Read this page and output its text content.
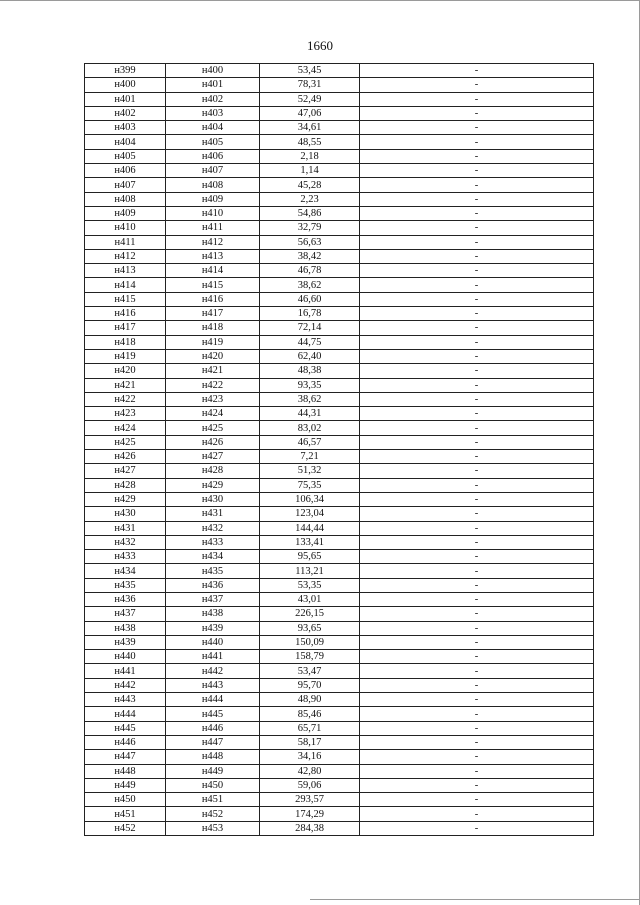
1660
н399	н400	53,45	-
н400	н401	78,31	-
н401	н402	52,49	-
н402	н403	47,06	-
н403	н404	34,61	-
н404	н405	48,55	-
н405	н406	2,18	-
н406	н407	1,14	-
н407	н408	45,28	-
н408	н409	2,23	-
н409	н410	54,86	-
н410	н411	32,79	-
н411	н412	56,63	-
н412	н413	38,42	-
н413	н414	46,78	-
н414	н415	38,62	-
н415	н416	46,60	-
н416	н417	16,78	-
н417	н418	72,14	-
н418	н419	44,75	-
н419	н420	62,40	-
н420	н421	48,38	-
н421	н422	93,35	-
н422	н423	38,62	-
н423	н424	44,31	-
н424	н425	83,02	-
н425	н426	46,57	-
н426	н427	7,21	-
н427	н428	51,32	-
н428	н429	75,35	-
н429	н430	106,34	-
н430	н431	123,04	-
н431	н432	144,44	-
н432	н433	133,41	-
н433	н434	95,65	-
н434	н435	113,21	-
н435	н436	53,35	-
н436	н437	43,01	-
н437	н438	226,15	-
н438	н439	93,65	-
н439	н440	150,09	-
н440	н441	158,79	-
н441	н442	53,47	-
н442	н443	95,70	-
н443	н444	48,90	-
н444	н445	85,46	-
н445	н446	65,71	-
н446	н447	58,17	-
н447	н448	34,16	-
н448	н449	42,80	-
н449	н450	59,06	-
н450	н451	293,57	-
н451	н452	174,29	-
н452	н453	284,38	-
